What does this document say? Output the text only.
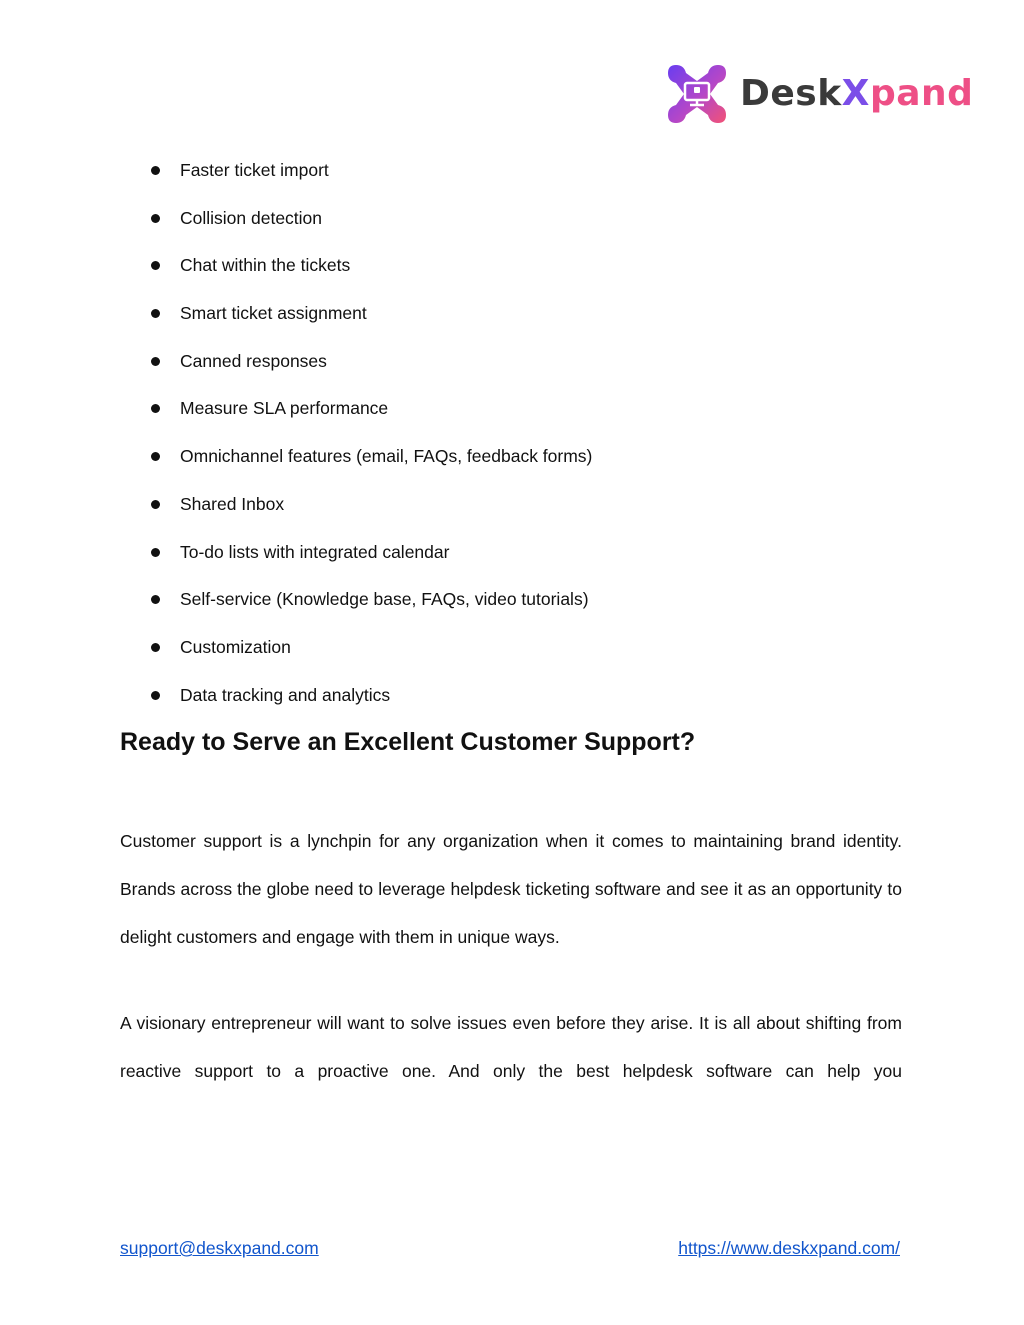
DeskXpand
Faster ticket import
Collision detection
Chat within the tickets
Smart ticket assignment
Canned responses
Measure SLA performance
Omnichannel features (email, FAQs, feedback forms)
Shared Inbox
To-do lists with integrated calendar
Self-service (Knowledge base, FAQs, video tutorials)
Customization
Data tracking and analytics
Ready to Serve an Excellent Customer Support?

Customer support is a lynchpin for any organization when it comes to maintaining brand identity. Brands across the globe need to leverage helpdesk ticketing software and see it as an opportunity to delight customers and engage with them in unique ways.

A visionary entrepreneur will want to solve issues even before they arise. It is all about shifting from reactive support to a proactive one. And only the best helpdesk software can help you

support@deskxpand.com	https://www.deskxpand.com/
